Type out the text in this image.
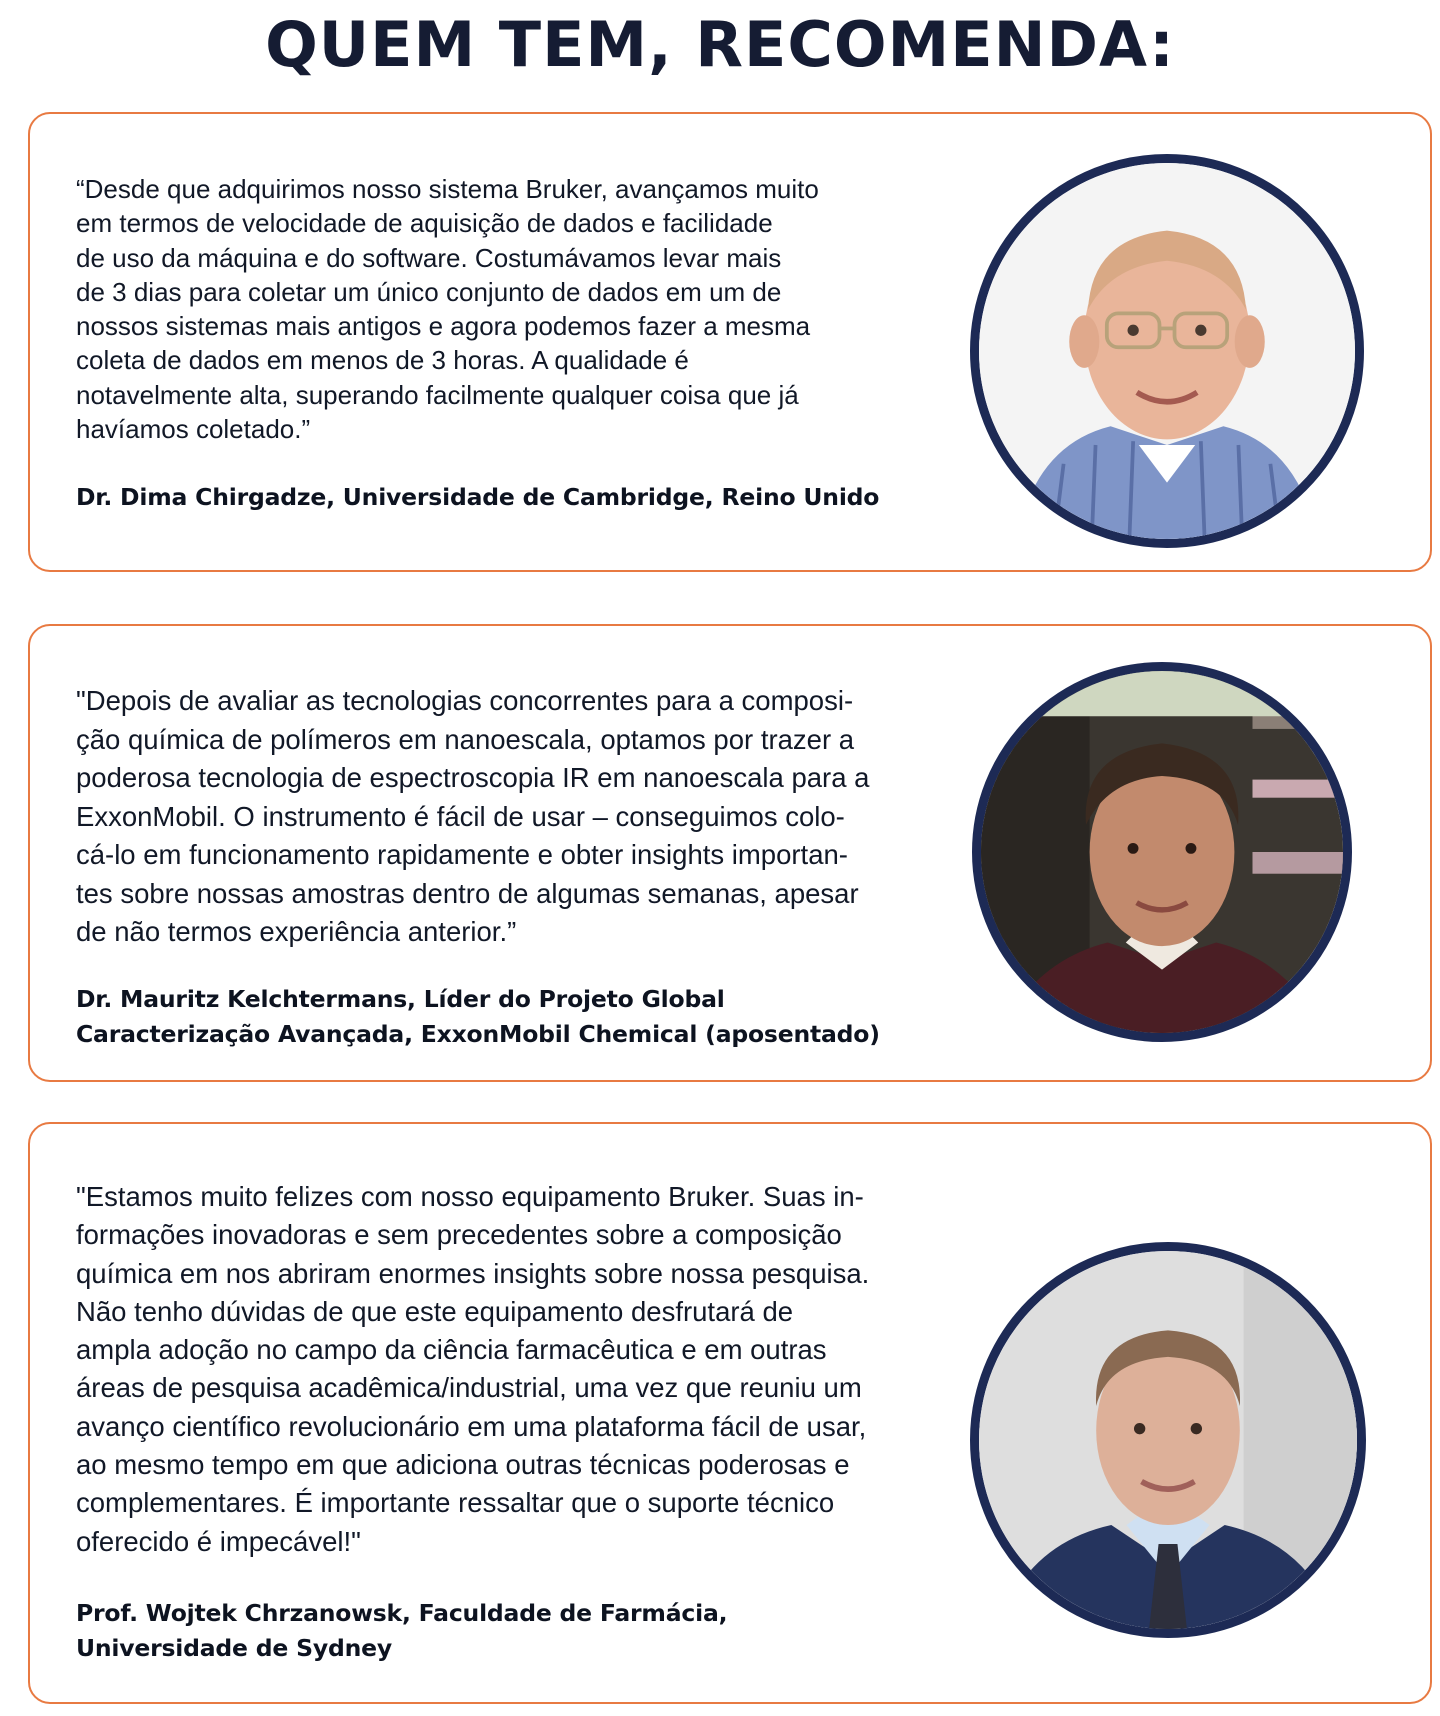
QUEM TEM, RECOMENDA:
“Desde que adquirimos nosso sistema Bruker, avançamos muito
em termos de velocidade de aquisição de dados e facilidade
de uso da máquina e do software. Costumávamos levar mais
de 3 dias para coletar um único conjunto de dados em um de
nossos sistemas mais antigos e agora podemos fazer a mesma
coleta de dados em menos de 3 horas. A qualidade é
notavelmente alta, superando facilmente qualquer coisa que já
havíamos coletado.”
Dr. Dima Chirgadze, Universidade de Cambridge, Reino Unido
"Depois de avaliar as tecnologias concorrentes para a composi-
ção química de polímeros em nanoescala, optamos por trazer a
poderosa tecnologia de espectroscopia IR em nanoescala para a
ExxonMobil. O instrumento é fácil de usar – conseguimos colo-
cá-lo em funcionamento rapidamente e obter insights importan-
tes sobre nossas amostras dentro de algumas semanas, apesar
de não termos experiência anterior.”
Dr. Mauritz Kelchtermans, Líder do Projeto Global
Caracterização Avançada, ExxonMobil Chemical (aposentado)
"Estamos muito felizes com nosso equipamento Bruker. Suas in-
formações inovadoras e sem precedentes sobre a composição
química em nos abriram enormes insights sobre nossa pesquisa.
Não tenho dúvidas de que este equipamento desfrutará de
ampla adoção no campo da ciência farmacêutica e em outras
áreas de pesquisa acadêmica/industrial, uma vez que reuniu um
avanço científico revolucionário em uma plataforma fácil de usar,
ao mesmo tempo em que adiciona outras técnicas poderosas e
complementares. É importante ressaltar que o suporte técnico
oferecido é impecável!"
Prof. Wojtek Chrzanowsk, Faculdade de Farmácia,
Universidade de Sydney
